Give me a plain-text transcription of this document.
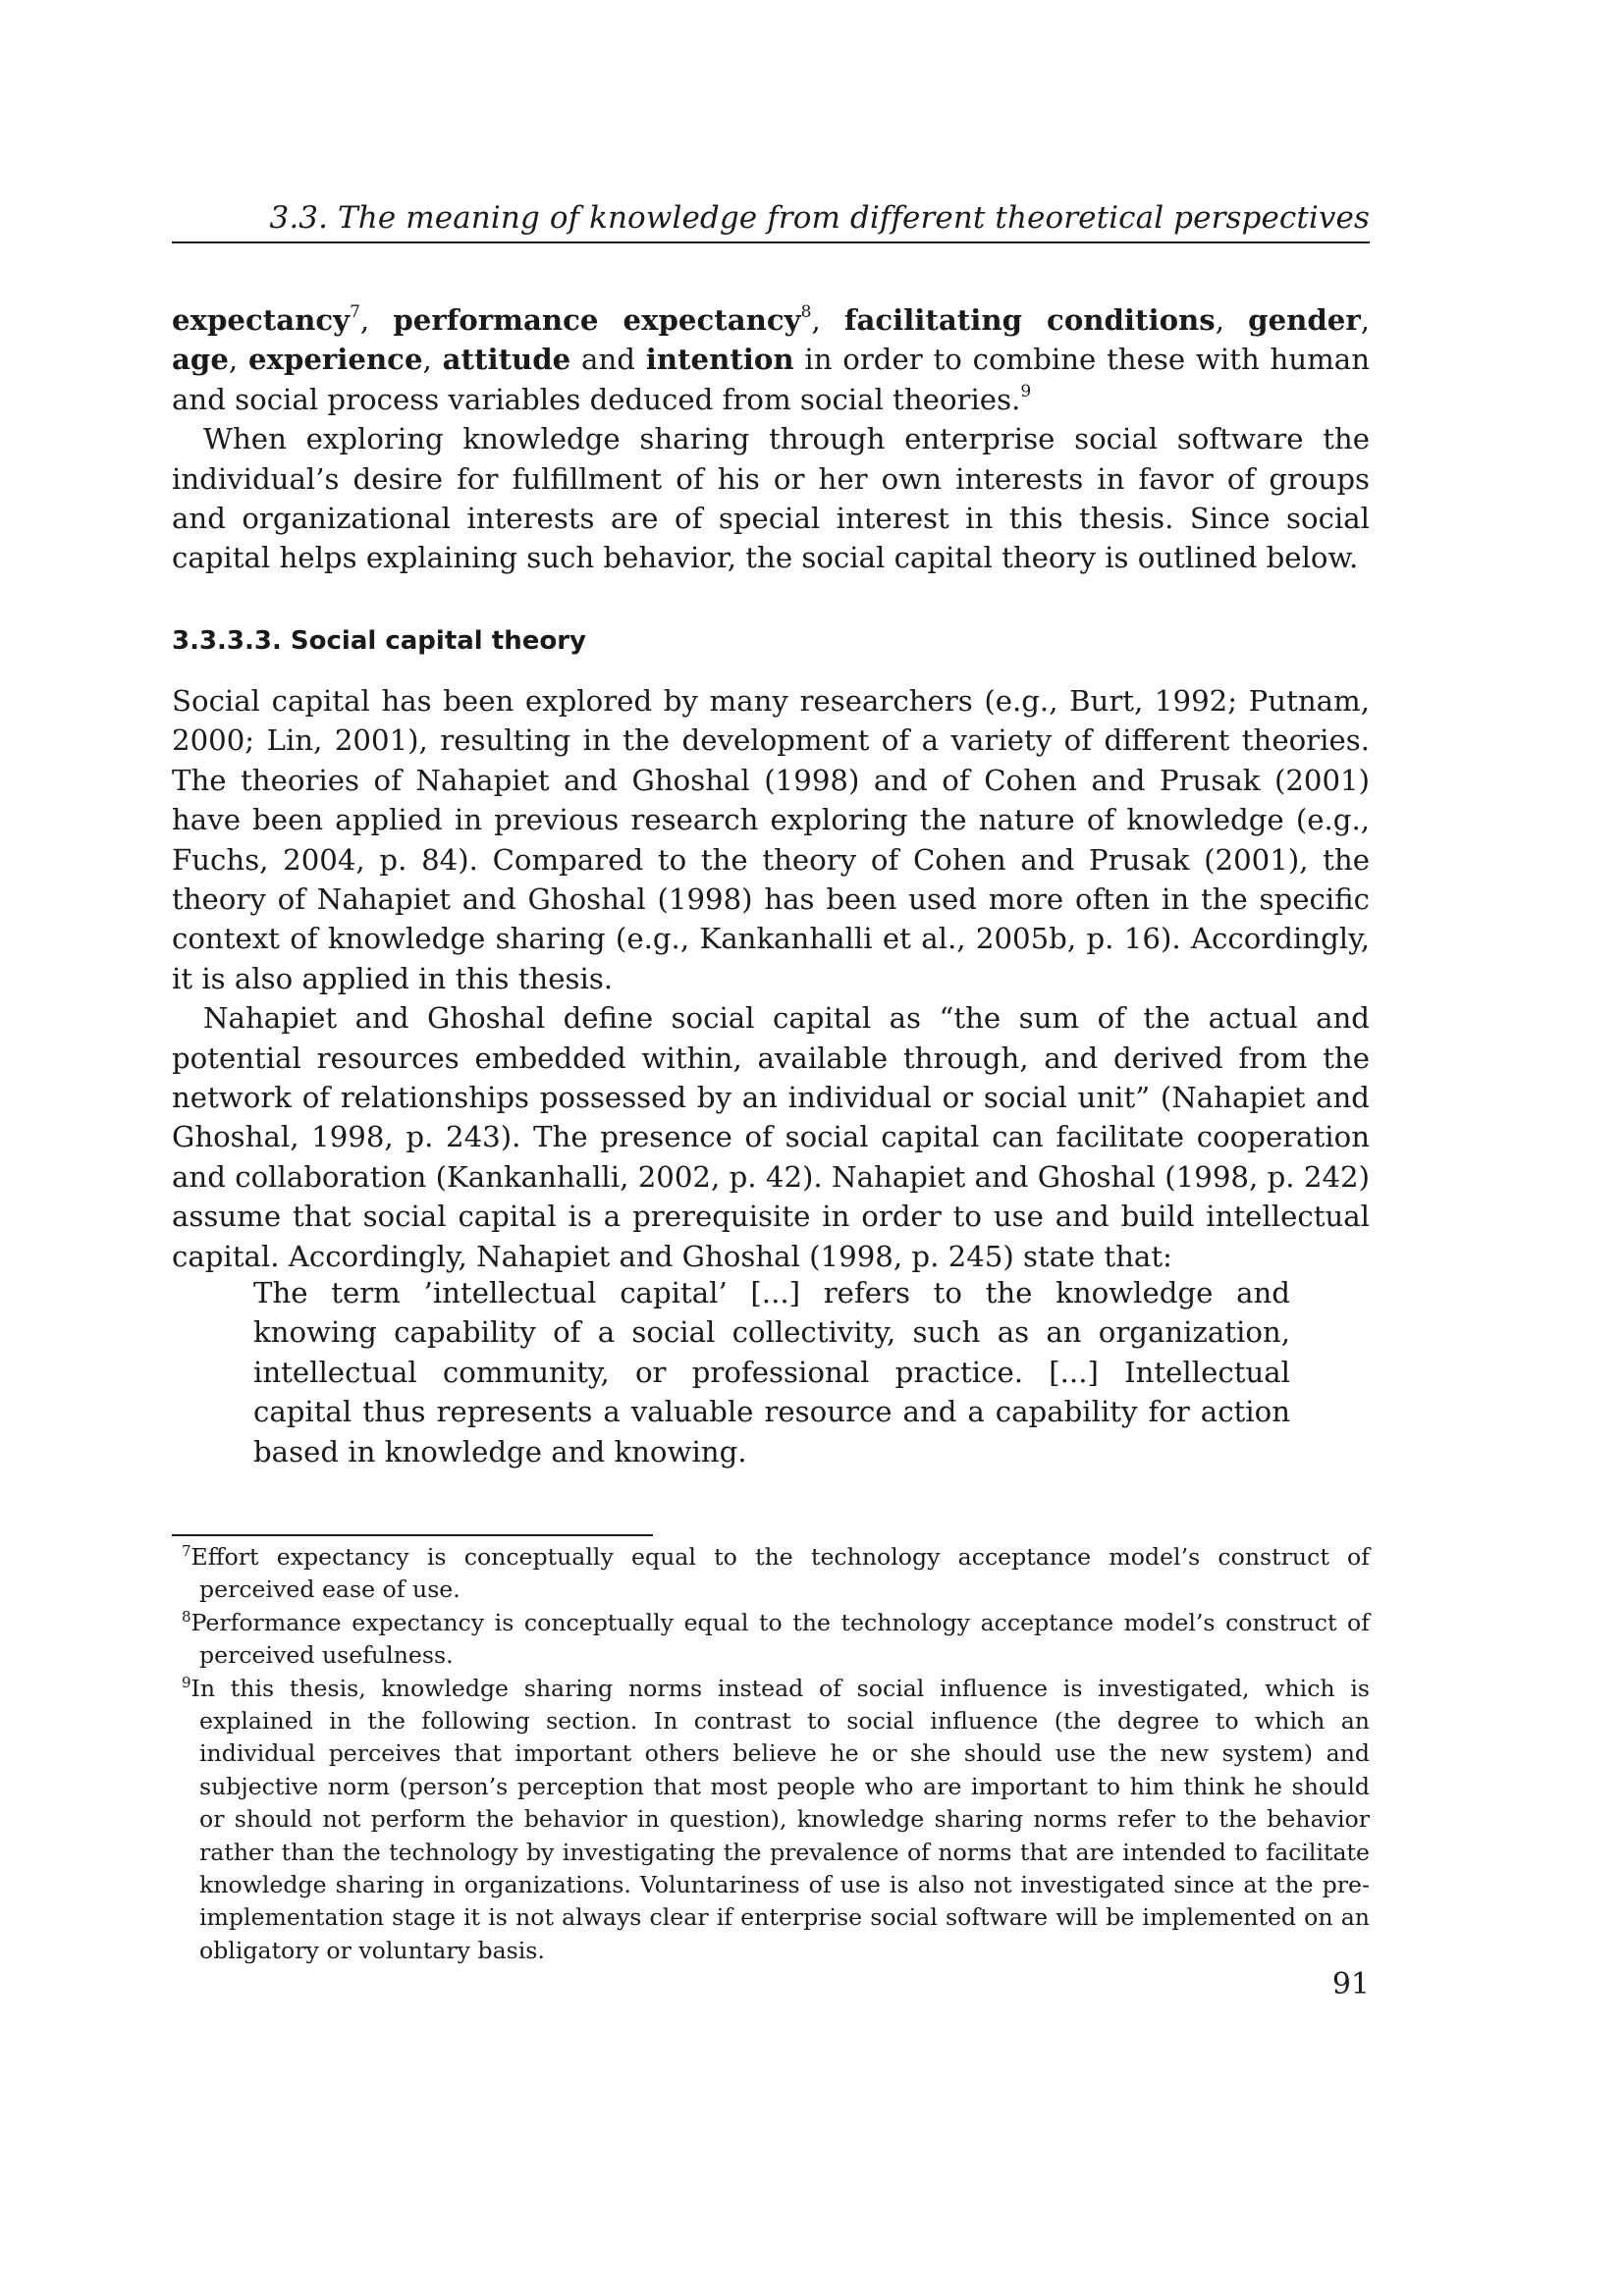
3.3. The meaning of knowledge from different theoretical perspectives

expectancy$^7$, performance expectancy$^8$, facilitating conditions, gender, age, experience, attitude and intention in order to combine these with human and social process variables deduced from social theories.$^9$

When exploring knowledge sharing through enterprise social software the individual’s desire for fulfillment of his or her own interests in favor of groups and organizational interests are of special interest in this thesis. Since social capital helps explaining such behavior, the social capital theory is outlined below.

3.3.3.3. Social capital theory

Social capital has been explored by many researchers (e.g., Burt, 1992; Putnam, 2000; Lin, 2001), resulting in the development of a variety of different theories. The theories of Nahapiet and Ghoshal (1998) and of Cohen and Prusak (2001) have been applied in previous research exploring the nature of knowledge (e.g., Fuchs, 2004, p. 84). Compared to the theory of Cohen and Prusak (2001), the theory of Nahapiet and Ghoshal (1998) has been used more often in the specific context of knowledge sharing (e.g., Kankanhalli et al., 2005b, p. 16). Accordingly, it is also applied in this thesis.

Nahapiet and Ghoshal define social capital as “the sum of the actual and potential resources embedded within, available through, and derived from the network of relationships possessed by an individual or social unit” (Nahapiet and Ghoshal, 1998, p. 243). The presence of social capital can facilitate cooperation and collaboration (Kankanhalli, 2002, p. 42). Nahapiet and Ghoshal (1998, p. 242) assume that social capital is a prerequisite in order to use and build intellectual capital. Accordingly, Nahapiet and Ghoshal (1998, p. 245) state that:

The term ’intellectual capital’ [...] refers to the knowledge and knowing capability of a social collectivity, such as an organization, intellectual community, or professional practice. [...] Intellectual capital thus represents a valuable resource and a capability for action based in knowledge and knowing.

$^7$Effort expectancy is conceptually equal to the technology acceptance model’s construct of perceived ease of use.

$^8$Performance expectancy is conceptually equal to the technology acceptance model’s construct of perceived usefulness.

$^9$In this thesis, knowledge sharing norms instead of social influence is investigated, which is explained in the following section. In contrast to social influence (the degree to which an individual perceives that important others believe he or she should use the new system) and subjective norm (person’s perception that most people who are important to him think he should or should not perform the behavior in question), knowledge sharing norms refer to the behavior rather than the technology by investigating the prevalence of norms that are intended to facilitate knowledge sharing in organizations. Voluntariness of use is also not investigated since at the pre-implementation stage it is not always clear if enterprise social software will be implemented on an obligatory or voluntary basis.

91
